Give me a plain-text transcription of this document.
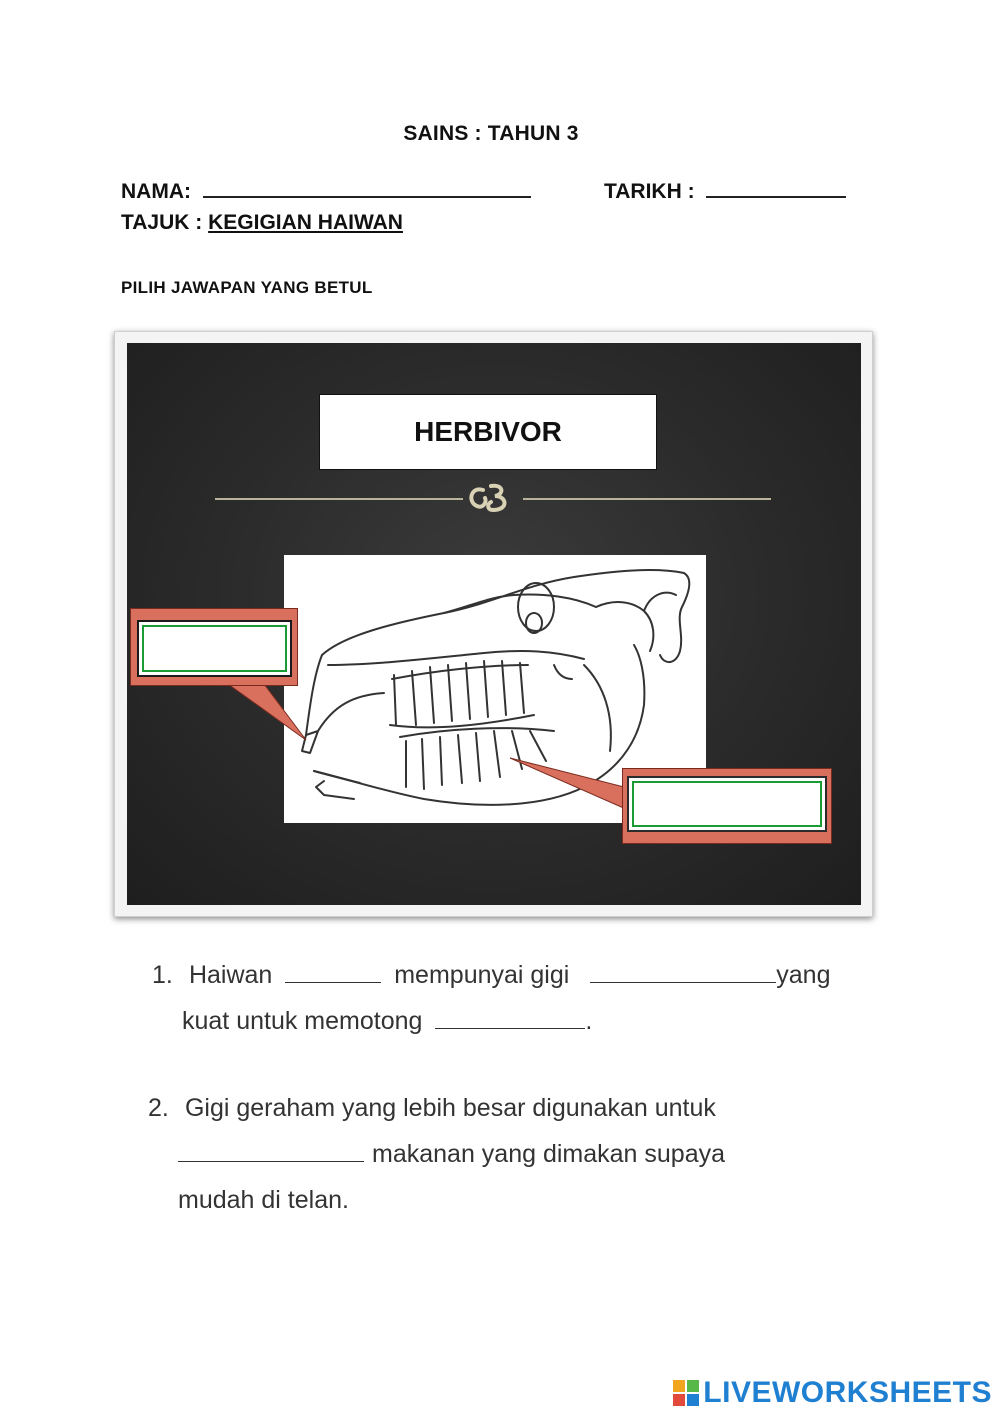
SAINS : TAHUN 3
NAMA:	TARIKH :
TAJUK : KEGIGIAN HAIWAN
PILIH JAWAPAN YANG BETUL
HERBIVOR
1. Haiwan	mempunyai gigi	yang
kuat untuk memotong	.
2. Gigi geraham yang lebih besar digunakan untuk
makanan yang dimakan supaya
mudah di telan.
LIVEWORKSHEETS
